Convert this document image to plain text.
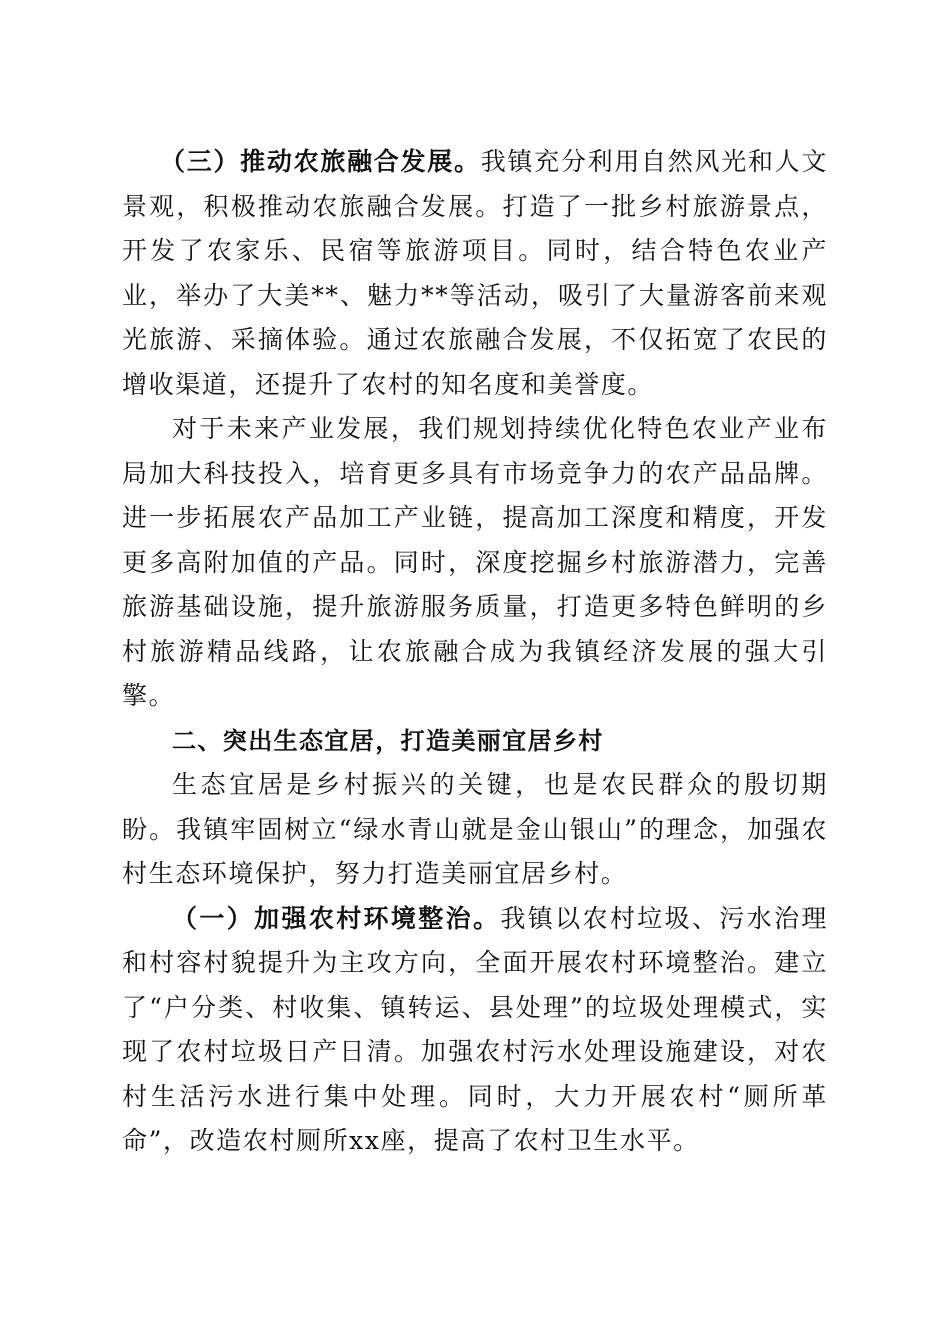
（三）推动农旅融合发展。我镇充分利用自然风光和人文景观，积极推动农旅融合发展。打造了一批乡村旅游景点，开发了农家乐、民宿等旅游项目。同时，结合特色农业产业，举办了大美**、魅力**等活动，吸引了大量游客前来观光旅游、采摘体验。通过农旅融合发展，不仅拓宽了农民的增收渠道，还提升了农村的知名度和美誉度。

对于未来产业发展，我们规划持续优化特色农业产业布局加大科技投入，培育更多具有市场竞争力的农产品品牌。进一步拓展农产品加工产业链，提高加工深度和精度，开发更多高附加值的产品。同时，深度挖掘乡村旅游潜力，完善旅游基础设施，提升旅游服务质量，打造更多特色鲜明的乡村旅游精品线路，让农旅融合成为我镇经济发展的强大引擎。

二、突出生态宜居，打造美丽宜居乡村

生态宜居是乡村振兴的关键，也是农民群众的殷切期盼。我镇牢固树立“绿水青山就是金山银山”的理念，加强农村生态环境保护，努力打造美丽宜居乡村。

（一）加强农村环境整治。我镇以农村垃圾、污水治理和村容村貌提升为主攻方向，全面开展农村环境整治。建立了“户分类、村收集、镇转运、县处理”的垃圾处理模式，实现了农村垃圾日产日清。加强农村污水处理设施建设，对农村生活污水进行集中处理。同时，大力开展农村“厕所革命”，改造农村厕所xx座，提高了农村卫生水平。
